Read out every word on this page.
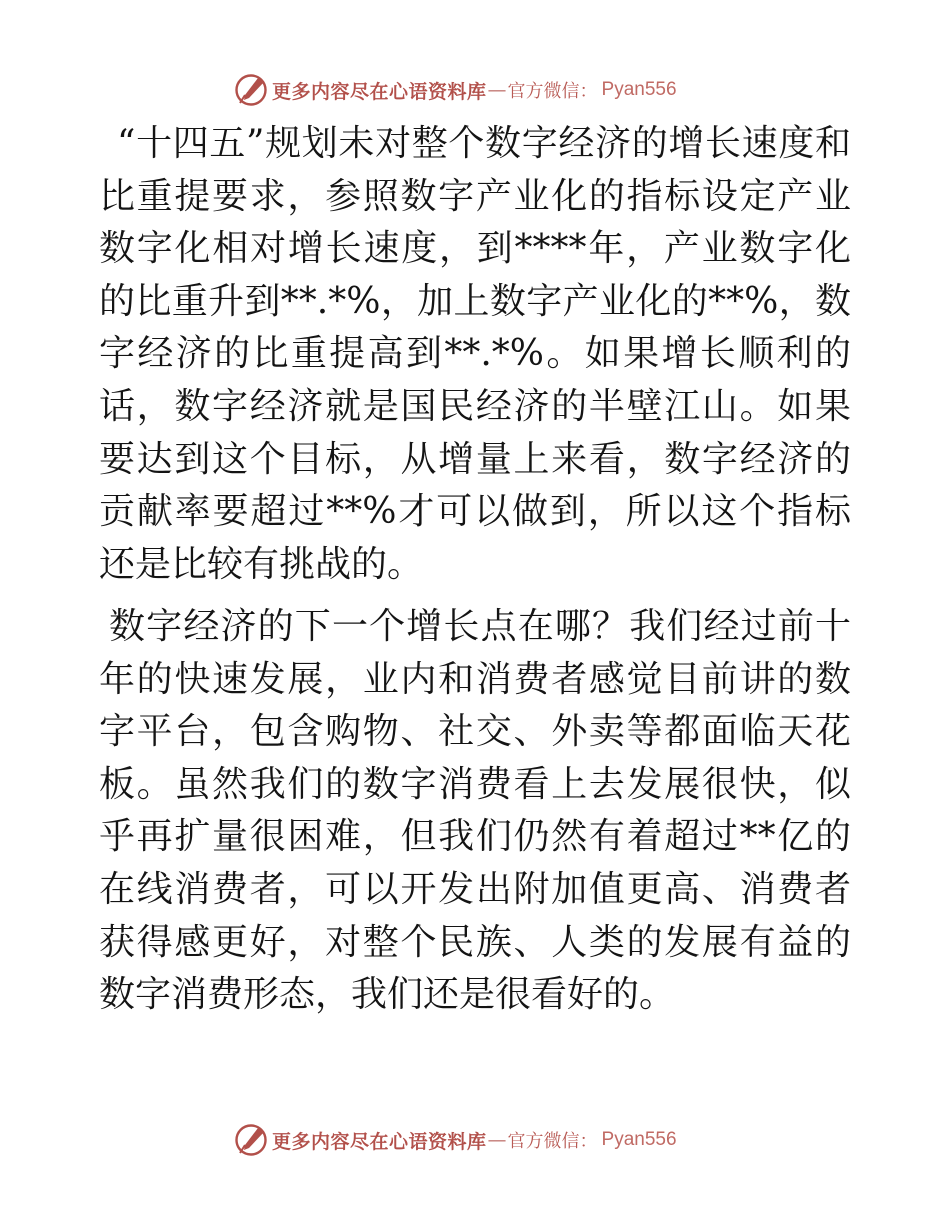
更多内容尽在心语资料库 — 官方微信： Pyan556

“十四五”规划未对整个数字经济的增长速度和比重提要求，参照数字产业化的指标设定产业数字化相对增长速度，到****年，产业数字化的比重升到**.*%，加上数字产业化的**%，数字经济的比重提高到**.*%。如果增长顺利的话，数字经济就是国民经济的半壁江山。如果要达到这个目标，从增量上来看，数字经济的贡献率要超过**%才可以做到，所以这个指标还是比较有挑战的。

数字经济的下一个增长点在哪？我们经过前十年的快速发展，业内和消费者感觉目前讲的数字平台，包含购物、社交、外卖等都面临天花板。虽然我们的数字消费看上去发展很快，似乎再扩量很困难，但我们仍然有着超过**亿的在线消费者，可以开发出附加值更高、消费者获得感更好，对整个民族、人类的发展有益的数字消费形态，我们还是很看好的。

更多内容尽在心语资料库 — 官方微信： Pyan556
